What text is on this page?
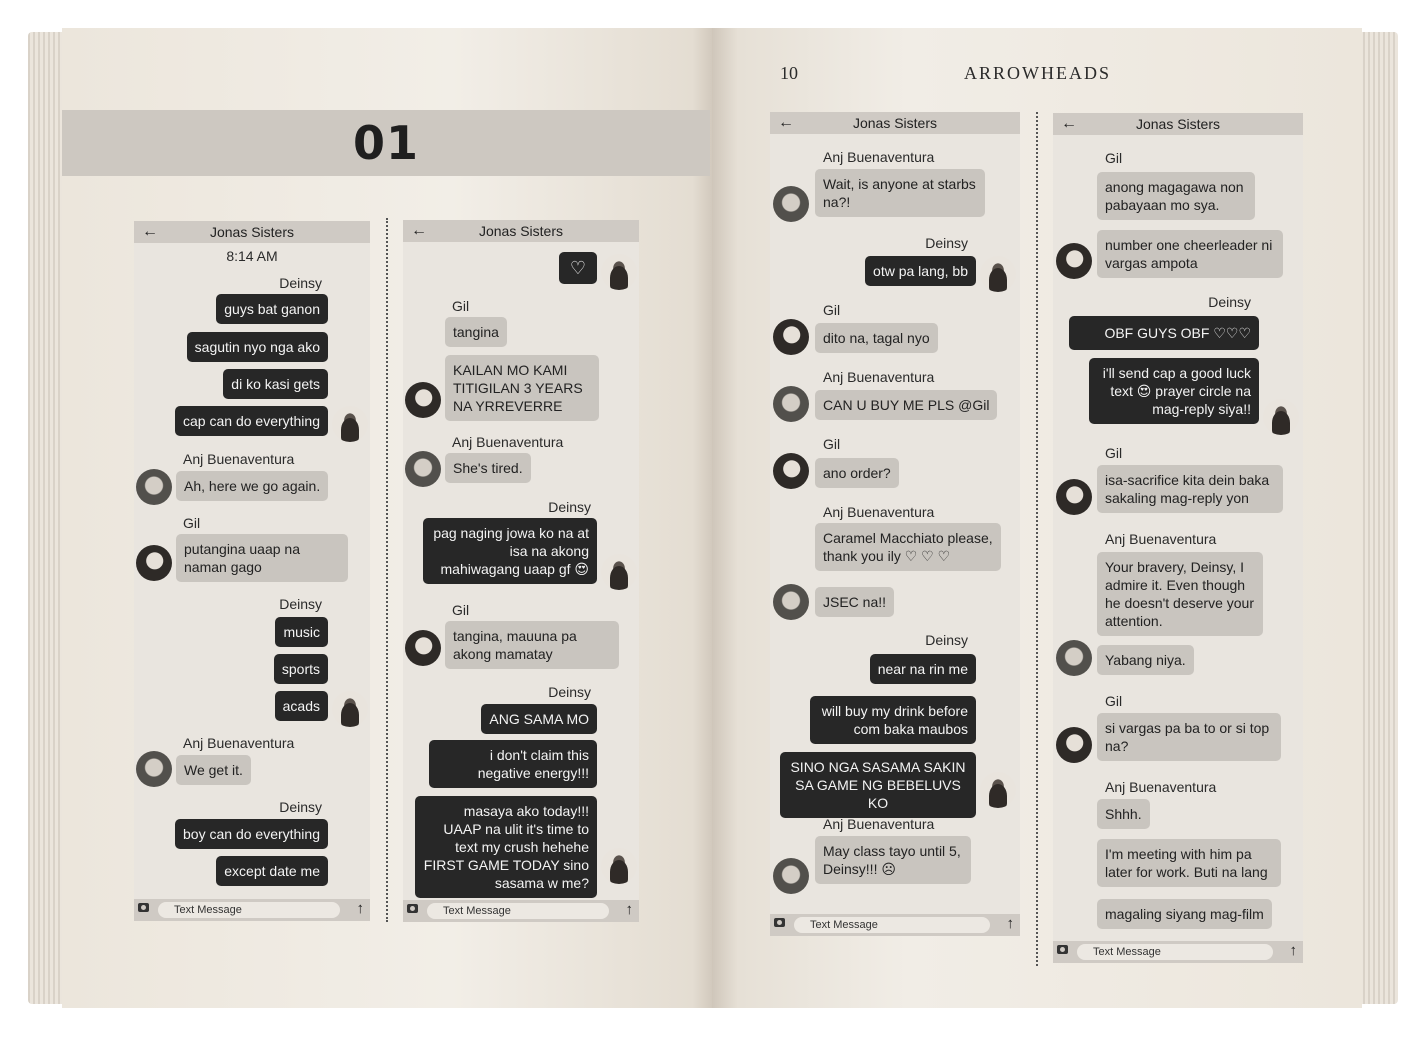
01
10	ARROWHEADS
←	Jonas Sisters
8:14 AM
Deinsy
guys bat ganon
sagutin nyo nga ako
di ko kasi gets
cap can do everything
Anj Buenaventura
Ah, here we go again.
Gil
putangina uaap na naman gago
Deinsy
music
sports
acads
Anj Buenaventura
We get it.
Deinsy
boy can do everything
except date me
Text Message	↑
←	Jonas Sisters
♡
Gil
tangina
KAILAN MO KAMI TITIGILAN 3 YEARS NA YRREVERRE
Anj Buenaventura
She's tired.
Deinsy
pag naging jowa ko na at isa na akong mahiwagang uaap gf 😍
Gil
tangina, mauuna pa akong mamatay
Deinsy
ANG SAMA MO
i don't claim this negative energy!!!
masaya ako today!!! UAAP na ulit it's time to text my crush hehehe FIRST GAME TODAY sino sasama w me?
Text Message	↑
←	Jonas Sisters
Anj Buenaventura
Wait, is anyone at starbs na?!
Deinsy
otw pa lang, bb
Gil
dito na, tagal nyo
Anj Buenaventura
CAN U BUY ME PLS @Gil
Gil
ano order?
Anj Buenaventura
Caramel Macchiato please, thank you ily ♡ ♡ ♡
JSEC na!!
Deinsy
near na rin me
will buy my drink before com baka maubos
SINO NGA SASAMA SAKIN SA GAME NG BEBELUVS KO
Anj Buenaventura
May class tayo until 5, Deinsy!!! ☹
Text Message	↑
←	Jonas Sisters
Gil
anong magagawa non pabayaan mo sya.
number one cheerleader ni vargas ampota
Deinsy
OBF GUYS OBF ♡♡♡
i'll send cap a good luck text 😍 prayer circle na mag-reply siya!!
Gil
isa-sacrifice kita dein baka sakaling mag-reply yon
Anj Buenaventura
Your bravery, Deinsy, I admire it. Even though he doesn't deserve your attention.
Yabang niya.
Gil
si vargas pa ba to or si top na?
Anj Buenaventura
Shhh.
I'm meeting with him pa later for work. Buti na lang
magaling siyang mag-film
Text Message	↑
